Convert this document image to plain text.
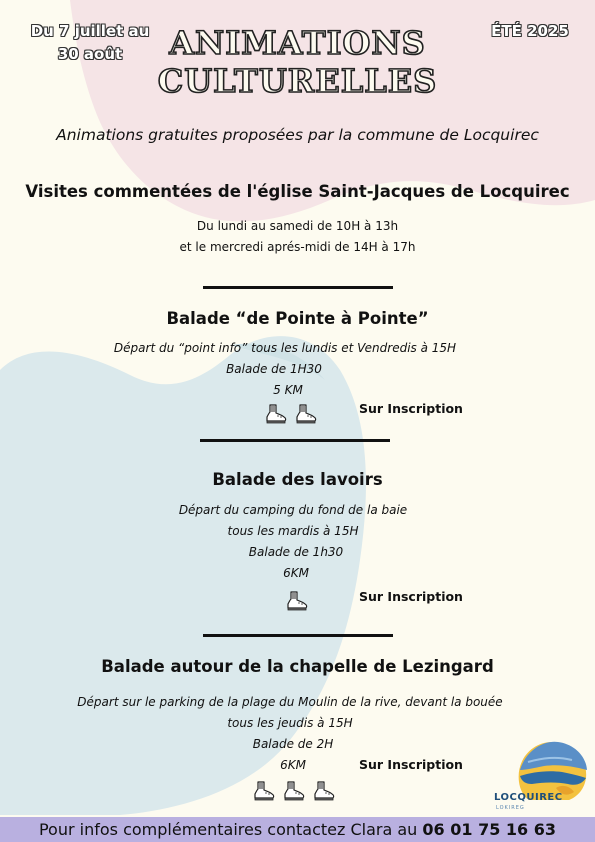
Du 7 juillet au
30 août
ÉTÉ 2025
ANIMATIONS
CULTURELLES
Animations gratuites proposées par la commune de Locquirec
Visites commentées de l'église Saint-Jacques de Locquirec
Du lundi au samedi de 10H à 13h
et le mercredi aprés-midi de 14H à 17h
Balade “de Pointe à Pointe”
Départ du “point info” tous les lundis et Vendredis à 15H
Balade de 1H30
5 KM
Sur Inscription
Balade des lavoirs
Départ du camping du fond de la baie
tous les mardis à 15H
Balade de 1h30
6KM
Sur Inscription
Balade autour de la chapelle de Lezingard
Départ sur le parking de la plage du Moulin de la rive, devant la bouée
tous les jeudis à 15H
Balade de 2H
6KM	Sur Inscription
LOCQUIREC
LOKIREG
Pour infos complémentaires contactez Clara au 06 01 75 16 63
